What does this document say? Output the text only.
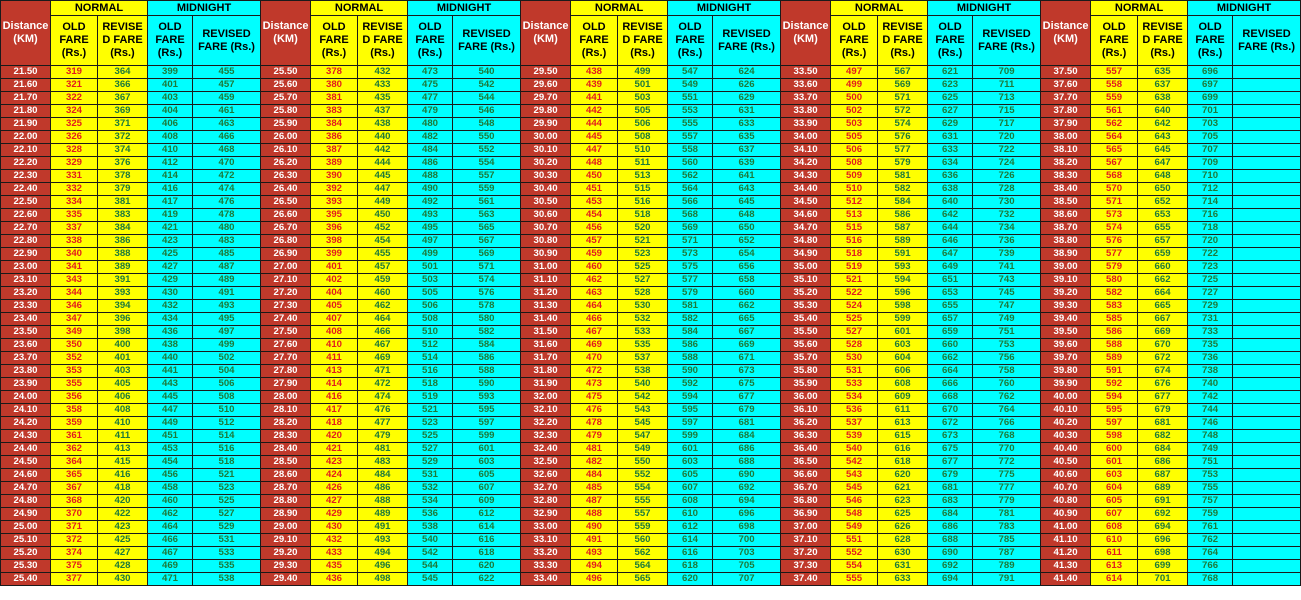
Distance (KM)	NORMAL		MIDNIGHT		Distance (KM)	NORMAL		MIDNIGHT		Distance (KM)	NORMAL		MIDNIGHT		Distance (KM)	NORMAL		MIDNIGHT		Distance (KM)	NORMAL		MIDNIGHT	
	OLD FARE (Rs.)	REVISE D FARE (Rs.)	OLD FARE (Rs.)	REVISED FARE (Rs.)		OLD FARE (Rs.)	REVISE D FARE (Rs.)	OLD FARE (Rs.)	REVISED FARE (Rs.)		OLD FARE (Rs.)	REVISE D FARE (Rs.)	OLD FARE (Rs.)	REVISED FARE (Rs.)		OLD FARE (Rs.)	REVISE D FARE (Rs.)	OLD FARE (Rs.)	REVISED FARE (Rs.)		OLD FARE (Rs.)	REVISE D FARE (Rs.)	OLD FARE (Rs.)	REVISED FARE (Rs.)
21.50	319	364	399	455	25.50	378	432	473	540	29.50	438	499	547	624	33.50	497	567	621	709	37.50	557	635	696	
21.60	321	366	401	457	25.60	380	433	475	542	29.60	439	501	549	626	33.60	499	569	623	711	37.60	558	637	697	
21.70	322	367	403	459	25.70	381	435	477	544	29.70	441	503	551	629	33.70	500	571	625	713	37.70	559	638	699	
21.80	324	369	404	461	25.80	383	437	479	546	29.80	442	505	553	631	33.80	502	572	627	715	37.80	561	640	701	
21.90	325	371	406	463	25.90	384	438	480	548	29.90	444	506	555	633	33.90	503	574	629	717	37.90	562	642	703	
22.00	326	372	408	466	26.00	386	440	482	550	30.00	445	508	557	635	34.00	505	576	631	720	38.00	564	643	705	
22.10	328	374	410	468	26.10	387	442	484	552	30.10	447	510	558	637	34.10	506	577	633	722	38.10	565	645	707	
22.20	329	376	412	470	26.20	389	444	486	554	30.20	448	511	560	639	34.20	508	579	634	724	38.20	567	647	709	
22.30	331	378	414	472	26.30	390	445	488	557	30.30	450	513	562	641	34.30	509	581	636	726	38.30	568	648	710	
22.40	332	379	416	474	26.40	392	447	490	559	30.40	451	515	564	643	34.40	510	582	638	728	38.40	570	650	712	
22.50	334	381	417	476	26.50	393	449	492	561	30.50	453	516	566	645	34.50	512	584	640	730	38.50	571	652	714	
22.60	335	383	419	478	26.60	395	450	493	563	30.60	454	518	568	648	34.60	513	586	642	732	38.60	573	653	716	
22.70	337	384	421	480	26.70	396	452	495	565	30.70	456	520	569	650	34.70	515	587	644	734	38.70	574	655	718	
22.80	338	386	423	483	26.80	398	454	497	567	30.80	457	521	571	652	34.80	516	589	646	736	38.80	576	657	720	
22.90	340	388	425	485	26.90	399	455	499	569	30.90	459	523	573	654	34.90	518	591	647	739	38.90	577	659	722	
23.00	341	389	427	487	27.00	401	457	501	571	31.00	460	525	575	656	35.00	519	593	649	741	39.00	579	660	723	
23.10	343	391	429	489	27.10	402	459	503	574	31.10	462	527	577	658	35.10	521	594	651	743	39.10	580	662	725	
23.20	344	393	430	491	27.20	404	460	505	576	31.20	463	528	579	660	35.20	522	596	653	745	39.20	582	664	727	
23.30	346	394	432	493	27.30	405	462	506	578	31.30	464	530	581	662	35.30	524	598	655	747	39.30	583	665	729	
23.40	347	396	434	495	27.40	407	464	508	580	31.40	466	532	582	665	35.40	525	599	657	749	39.40	585	667	731	
23.50	349	398	436	497	27.50	408	466	510	582	31.50	467	533	584	667	35.50	527	601	659	751	39.50	586	669	733	
23.60	350	400	438	499	27.60	410	467	512	584	31.60	469	535	586	669	35.60	528	603	660	753	39.60	588	670	735	
23.70	352	401	440	502	27.70	411	469	514	586	31.70	470	537	588	671	35.70	530	604	662	756	39.70	589	672	736	
23.80	353	403	441	504	27.80	413	471	516	588	31.80	472	538	590	673	35.80	531	606	664	758	39.80	591	674	738	
23.90	355	405	443	506	27.90	414	472	518	590	31.90	473	540	592	675	35.90	533	608	666	760	39.90	592	676	740	
24.00	356	406	445	508	28.00	416	474	519	593	32.00	475	542	594	677	36.00	534	609	668	762	40.00	594	677	742	
24.10	358	408	447	510	28.10	417	476	521	595	32.10	476	543	595	679	36.10	536	611	670	764	40.10	595	679	744	
24.20	359	410	449	512	28.20	418	477	523	597	32.20	478	545	597	681	36.20	537	613	672	766	40.20	597	681	746	
24.30	361	411	451	514	28.30	420	479	525	599	32.30	479	547	599	684	36.30	539	615	673	768	40.30	598	682	748	
24.40	362	413	453	516	28.40	421	481	527	601	32.40	481	549	601	686	36.40	540	616	675	770	40.40	600	684	749	
24.50	364	415	454	518	28.50	423	483	529	603	32.50	482	550	603	688	36.50	542	618	677	772	40.50	601	686	751	
24.60	365	416	456	521	28.60	424	484	531	605	32.60	484	552	605	690	36.60	543	620	679	775	40.60	603	687	753	
24.70	367	418	458	523	28.70	426	486	532	607	32.70	485	554	607	692	36.70	545	621	681	777	40.70	604	689	755	
24.80	368	420	460	525	28.80	427	488	534	609	32.80	487	555	608	694	36.80	546	623	683	779	40.80	605	691	757	
24.90	370	422	462	527	28.90	429	489	536	612	32.90	488	557	610	696	36.90	548	625	684	781	40.90	607	692	759	
25.00	371	423	464	529	29.00	430	491	538	614	33.00	490	559	612	698	37.00	549	626	686	783	41.00	608	694	761	
25.10	372	425	466	531	29.10	432	493	540	616	33.10	491	560	614	700	37.10	551	628	688	785	41.10	610	696	762	
25.20	374	427	467	533	29.20	433	494	542	618	33.20	493	562	616	703	37.20	552	630	690	787	41.20	611	698	764	
25.30	375	428	469	535	29.30	435	496	544	620	33.30	494	564	618	705	37.30	554	631	692	789	41.30	613	699	766	
25.40	377	430	471	538	29.40	436	498	545	622	33.40	496	565	620	707	37.40	555	633	694	791	41.40	614	701	768	
